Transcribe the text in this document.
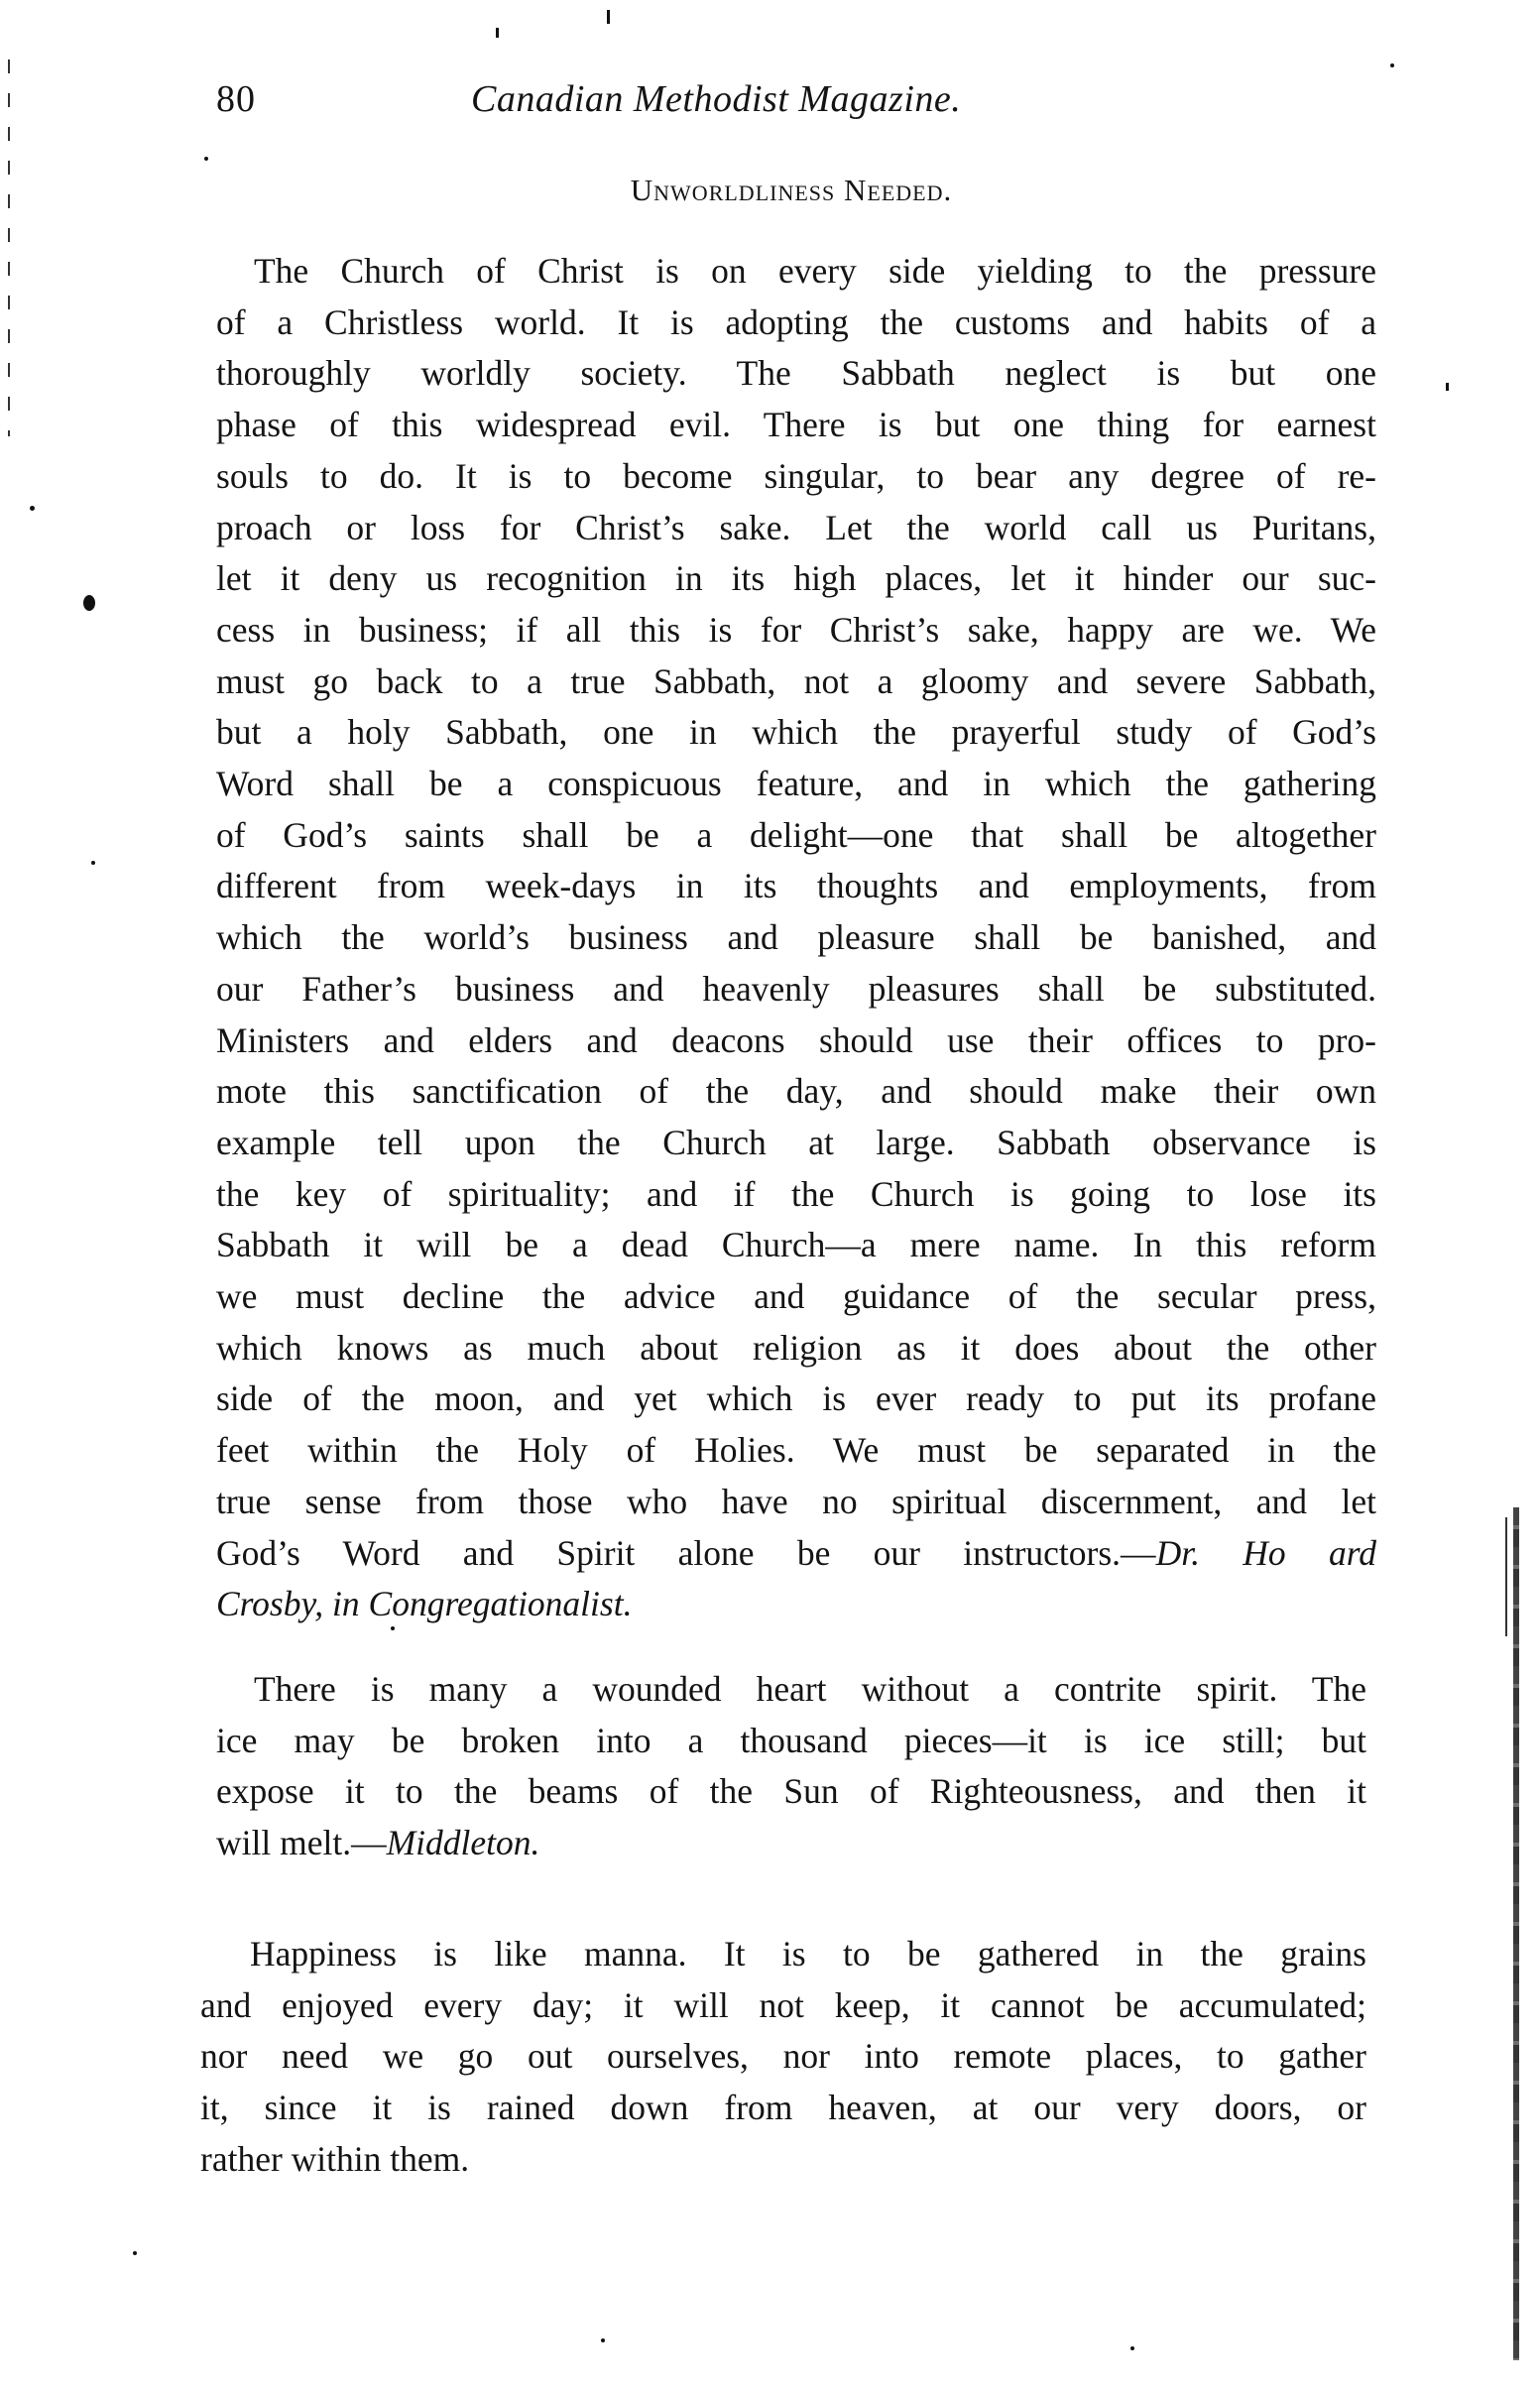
80	Canadian Methodist Magazine.
Unworldliness Needed.
The Church of Christ is on every side yielding to the pressure
of a Christless world. It is adopting the customs and habits of a
thoroughly worldly society. The Sabbath neglect is but one
phase of this widespread evil. There is but one thing for earnest
souls to do. It is to become singular, to bear any degree of re-
proach or loss for Christ’s sake. Let the world call us Puritans,
let it deny us recognition in its high places, let it hinder our suc-
cess in business; if all this is for Christ’s sake, happy are we. We
must go back to a true Sabbath, not a gloomy and severe Sabbath,
but a holy Sabbath, one in which the prayerful study of God’s
Word shall be a conspicuous feature, and in which the gathering
of God’s saints shall be a delight—one that shall be altogether
different from week-days in its thoughts and employments, from
which the world’s business and pleasure shall be banished, and
our Father’s business and heavenly pleasures shall be substituted.
Ministers and elders and deacons should use their offices to pro-
mote this sanctification of the day, and should make their own
example tell upon the Church at large. Sabbath observance is
the key of spirituality; and if the Church is going to lose its
Sabbath it will be a dead Church—a mere name. In this reform
we must decline the advice and guidance of the secular press,
which knows as much about religion as it does about the other
side of the moon, and yet which is ever ready to put its profane
feet within the Holy of Holies. We must be separated in the
true sense from those who have no spiritual discernment, and let
God’s Word and Spirit alone be our instructors.—Dr. Ho ard
Crosby, in Congregationalist.
There is many a wounded heart without a contrite spirit. The
ice may be broken into a thousand pieces—it is ice still; but
expose it to the beams of the Sun of Righteousness, and then it
will melt.—Middleton.
Happiness is like manna. It is to be gathered in the grains
and enjoyed every day; it will not keep, it cannot be accumulated;
nor need we go out ourselves, nor into remote places, to gather
it, since it is rained down from heaven, at our very doors, or
rather within them.
